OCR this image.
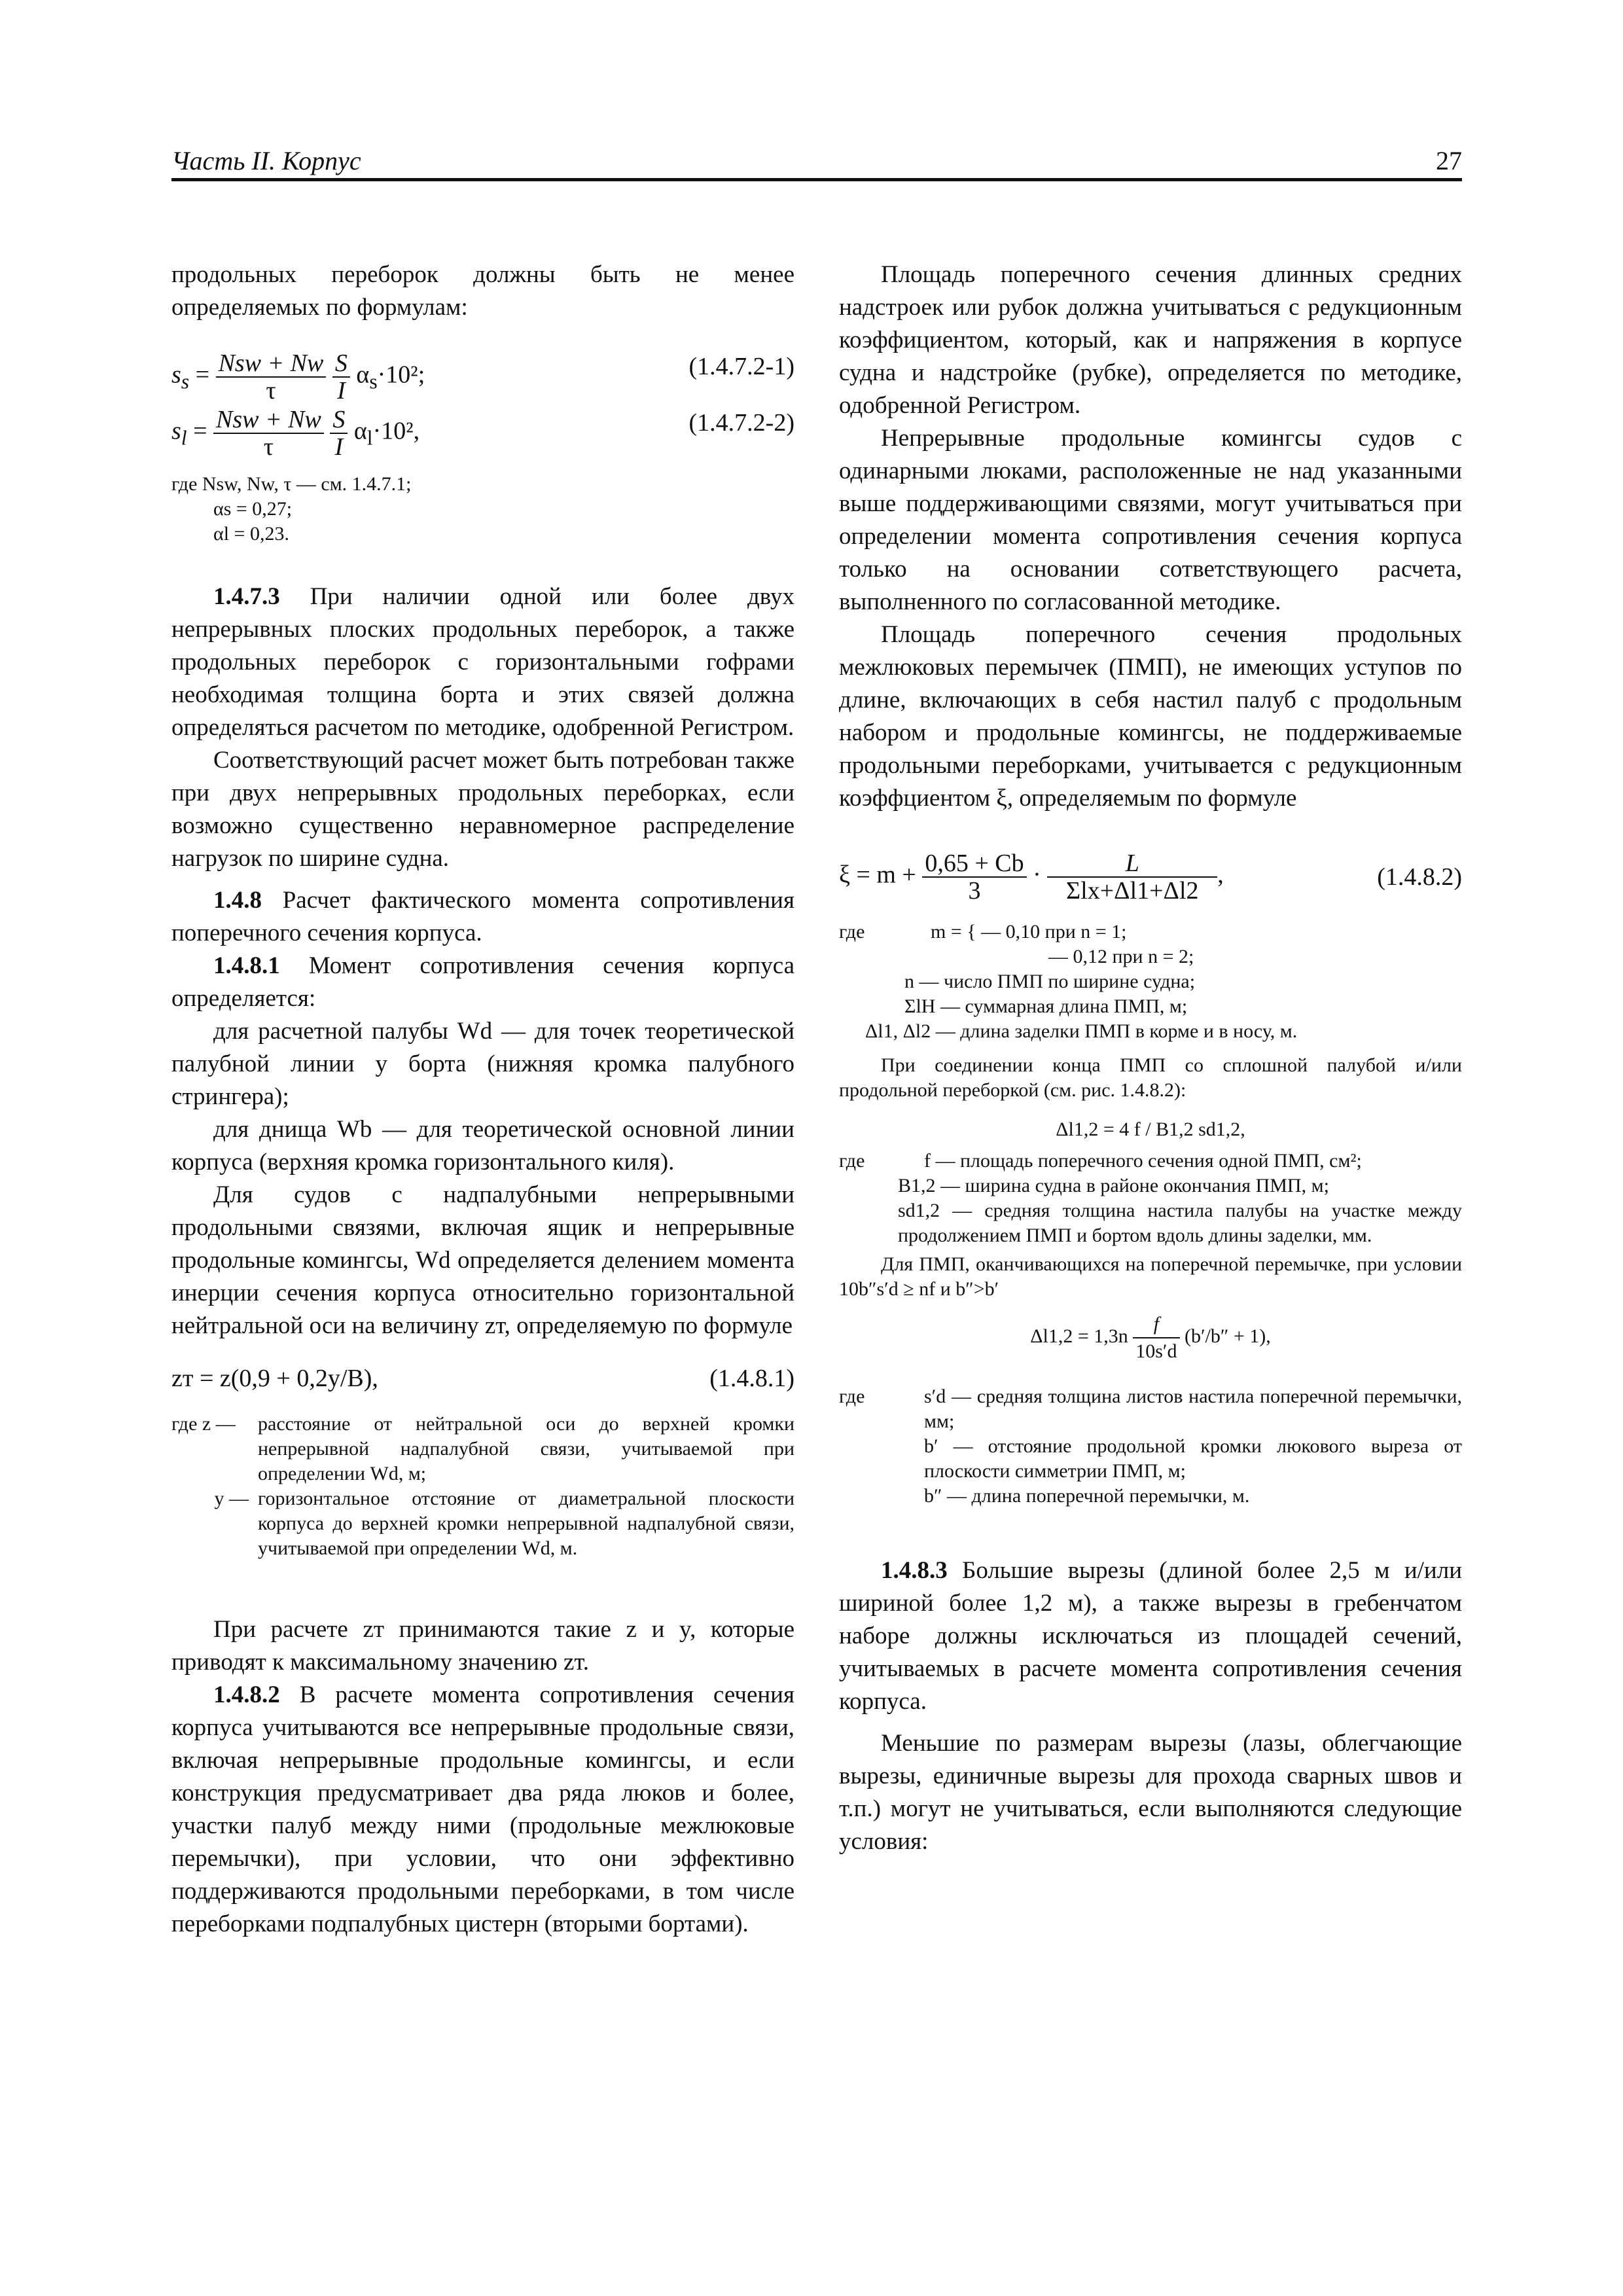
Часть II. Корпус	27

продольных переборок должны быть не менее определяемых по формулам:

$s_s = \frac{\text{Nsw + Nw}}{\tau}$
$\frac{S}{I} \alpha_s\cdot 10^2$;	(1.4.7.2-1)
$s_l = \frac{\text{Nsw + Nw}}{\tau}$
$\frac{S}{I} \alpha_l\cdot 10^2$,	(1.4.7.2-2)
где Nsw, Nw, τ — см. 1.4.7.1;
αs = 0,27;
αl = 0,23.

1.4.7.3 При наличии одной или более двух непрерывных плоских продольных переборок, а также продольных переборок с горизонтальными гофрами необходимая толщина борта и этих связей должна определяться расчетом по методике, одобренной Регистром.

Соответствующий расчет может быть потребован также при двух непрерывных продольных переборках, если возможно существенно неравномерное распределение нагрузок по ширине судна.

1.4.8 Расчет фактического момента сопротивления поперечного сечения корпуса.

1.4.8.1 Момент сопротивления сечения корпуса определяется:

для расчетной палубы Wd — для точек теоретической палубной линии у борта (нижняя кромка палубного стрингера);

для днища Wb — для теоретической основной линии корпуса (верхняя кромка горизонтального киля).

Для судов с надпалубными непрерывными продольными связями, включая ящик и непрерывные продольные комингсы, Wd определяется делением момента инерции сечения корпуса относительно горизонтальной нейтральной оси на величину zт, определяемую по формуле

zт = z(0,9 + 0,2y/B),	(1.4.8.1)
где z —	расстояние от нейтральной оси до верхней кромки непрерывной надпалубной связи, учитываемой при определении Wd, м;
y — горизонтальное отстояние от диаметральной плоскости корпуса до верхней кромки непрерывной надпалубной связи, учитываемой при определении Wd, м.

При расчете zт принимаются такие z и y, которые приводят к максимальному значению zт.

1.4.8.2 В расчете момента сопротивления сечения корпуса учитываются все непрерывные продольные связи, включая непрерывные продольные комингсы, и если конструкция предусматривает два ряда люков и более, участки палуб между ними (продольные межлюковые перемычки), при условии, что они эффективно поддерживаются продольными переборками, в том числе переборками подпалубных цистерн (вторыми бортами).

Площадь поперечного сечения длинных средних надстроек или рубок должна учитываться с редукционным коэффициентом, который, как и напряжения в корпусе судна и надстройке (рубке), определяется по методике, одобренной Регистром.

Непрерывные продольные комингсы судов с одинарными люками, расположенные не над указанными выше поддерживающими связями, могут учитываться при определении момента сопротивления сечения корпуса только на основании сответствующего расчета, выполненного по согласованной методике.

Площадь поперечного сечения продольных межлюковых перемычек (ПМП), не имеющих уступов по длине, включающих в себя настил палуб с продольным набором и продольные комингсы, не поддерживаемые продольными переборками, учитывается с редукционным коэффциентом ξ, определяемым по формуле

$\xi = m + \frac{0,65 + Cb}{3} \cdot \frac{L}{\text{Σlx+Δl1+Δl2}}$ ,	(1.4.8.2)
где	m = { — 0,10 при n = 1;
— 0,12 при n = 2;
n — число ПМП по ширине судна;
ΣlH — суммарная длина ПМП, м;
Δl1, Δl2 — длина заделки ПМП в корме и в носу, м.

При соединении конца ПМП со сплошной палубой и/или продольной переборкой (см. рис. 1.4.8.2):

Δl1,2 = 4 f / B1,2 sd1,2,
где	f — площадь поперечного сечения одной ПМП, см²;
B1,2 — ширина судна в районе окончания ПМП, м;
sd1,2 — средняя толщина настила палубы на участке между продолжением ПМП и бортом вдоль длины заделки, мм.

Для ПМП, оканчивающихся на поперечной перемычке, при условии 10b″s′d ≥ nf и b″>b′

$\Delta l1,2 = 1,3n \frac{f}{10s'd} (b'/b'' + 1)$,
где	s′d — средняя толщина листов настила поперечной перемычки, мм;
b′ — отстояние продольной кромки люкового выреза от плоскости симметрии ПМП, м;
b″ — длина поперечной перемычки, м.

1.4.8.3 Большие вырезы (длиной более 2,5 м и/или шириной более 1,2 м), а также вырезы в гребенчатом наборе должны исключаться из площадей сечений, учитываемых в расчете момента сопротивления сечения корпуса.

Меньшие по размерам вырезы (лазы, облегчающие вырезы, единичные вырезы для прохода сварных швов и т.п.) могут не учитываться, если выполняются следующие условия:
